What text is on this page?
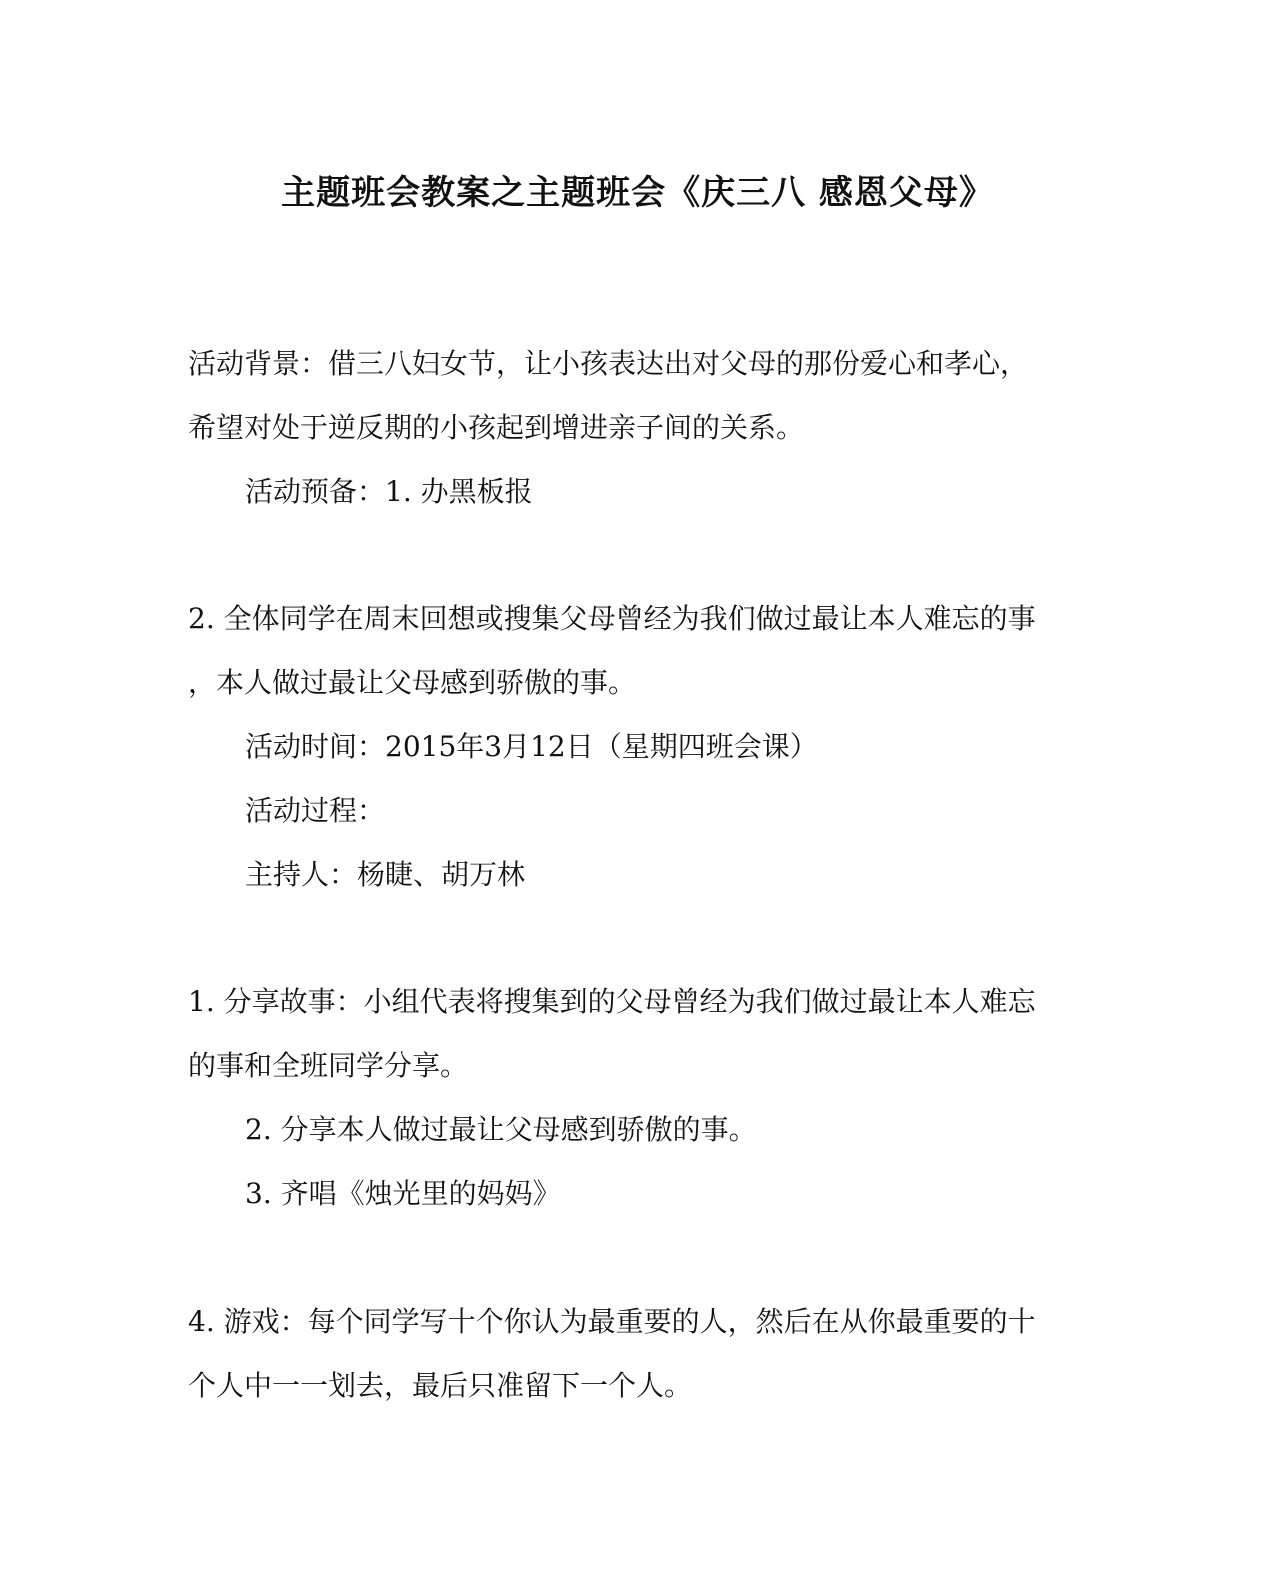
主题班会教案之主题班会《庆三八 感恩父母》
活动背景：借三八妇女节，让小孩表达出对父母的那份爱心和孝心，
希望对处于逆反期的小孩起到增进亲子间的关系。
活动预备：1. 办黑板报
2. 全体同学在周末回想或搜集父母曾经为我们做过最让本人难忘的事
，本人做过最让父母感到骄傲的事。
活动时间：2015年3月12日（星期四班会课）
活动过程：
主持人：杨睫、胡万林
1. 分享故事：小组代表将搜集到的父母曾经为我们做过最让本人难忘
的事和全班同学分享。
2. 分享本人做过最让父母感到骄傲的事。
3. 齐唱《烛光里的妈妈》
4. 游戏：每个同学写十个你认为最重要的人，然后在从你最重要的十
个人中一一划去，最后只准留下一个人。
